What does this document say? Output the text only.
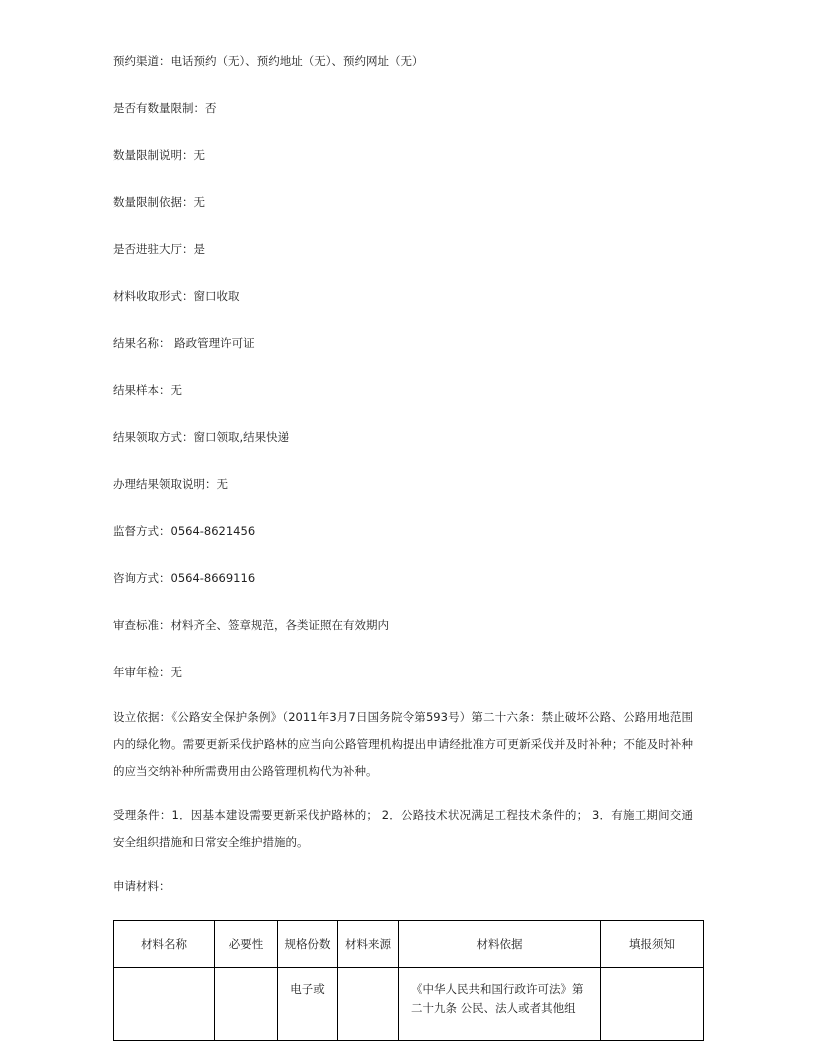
预约渠道：电话预约（无）、预约地址（无）、预约网址（无）

是否有数量限制：否

数量限制说明：无

数量限制依据：无

是否进驻大厅：是

材料收取形式：窗口收取

结果名称： 路政管理许可证

结果样本：无

结果领取方式：窗口领取,结果快递

办理结果领取说明：无

监督方式：0564-8621456

咨询方式：0564-8669116

审查标准：材料齐全、签章规范，各类证照在有效期内

年审年检：无

设立依据：《公路安全保护条例》（2011年3月7日国务院令第593号）第二十六条：禁止破坏公路、公路用地范围内的绿化物。需要更新采伐护路林的应当向公路管理机构提出申请经批准方可更新采伐并及时补种；不能及时补种的应当交纳补种所需费用由公路管理机构代为补种。

受理条件：1．因基本建设需要更新采伐护路林的； 2．公路技术状况满足工程技术条件的； 3．有施工期间交通安全组织措施和日常安全维护措施的。

申请材料：

材料名称	必要性	规格份数	材料来源	材料依据	填报须知
		电子或		《中华人民共和国行政许可法》第二十九条 公民、法人或者其他组	
